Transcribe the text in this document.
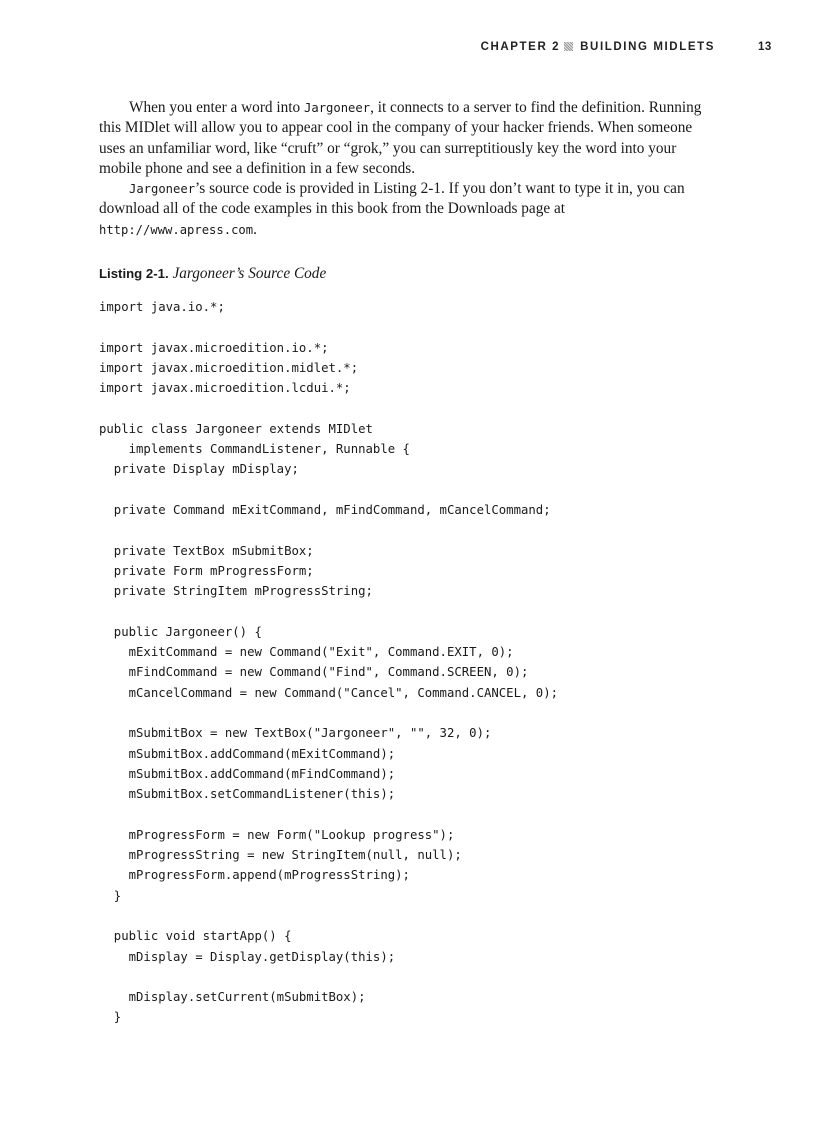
CHAPTER 2 BUILDING MIDLETS	13

When you enter a word into Jargoneer, it connects to a server to find the definition. Running this MIDlet will allow you to appear cool in the company of your hacker friends. When someone uses an unfamiliar word, like “cruft” or “grok,” you can surreptitiously key the word into your mobile phone and see a definition in a few seconds.

Jargoneer’s source code is provided in Listing 2-1. If you don’t want to type it in, you can download all of the code examples in this book from the Downloads page at http://www.apress.com.

Listing 2-1. Jargoneer’s Source Code
import java.io.*;
import javax.microedition.io.*;
import javax.microedition.midlet.*;
import javax.microedition.lcdui.*;
public class Jargoneer extends MIDlet
implements CommandListener, Runnable {
private Display mDisplay;
private Command mExitCommand, mFindCommand, mCancelCommand;
private TextBox mSubmitBox;
private Form mProgressForm;
private StringItem mProgressString;
public Jargoneer() {
mExitCommand = new Command("Exit", Command.EXIT, 0);
mFindCommand = new Command("Find", Command.SCREEN, 0);
mCancelCommand = new Command("Cancel", Command.CANCEL, 0);
mSubmitBox = new TextBox("Jargoneer", "", 32, 0);
mSubmitBox.addCommand(mExitCommand);
mSubmitBox.addCommand(mFindCommand);
mSubmitBox.setCommandListener(this);
mProgressForm = new Form("Lookup progress");
mProgressString = new StringItem(null, null);
mProgressForm.append(mProgressString);
}
public void startApp() {
mDisplay = Display.getDisplay(this);
mDisplay.setCurrent(mSubmitBox);
}
